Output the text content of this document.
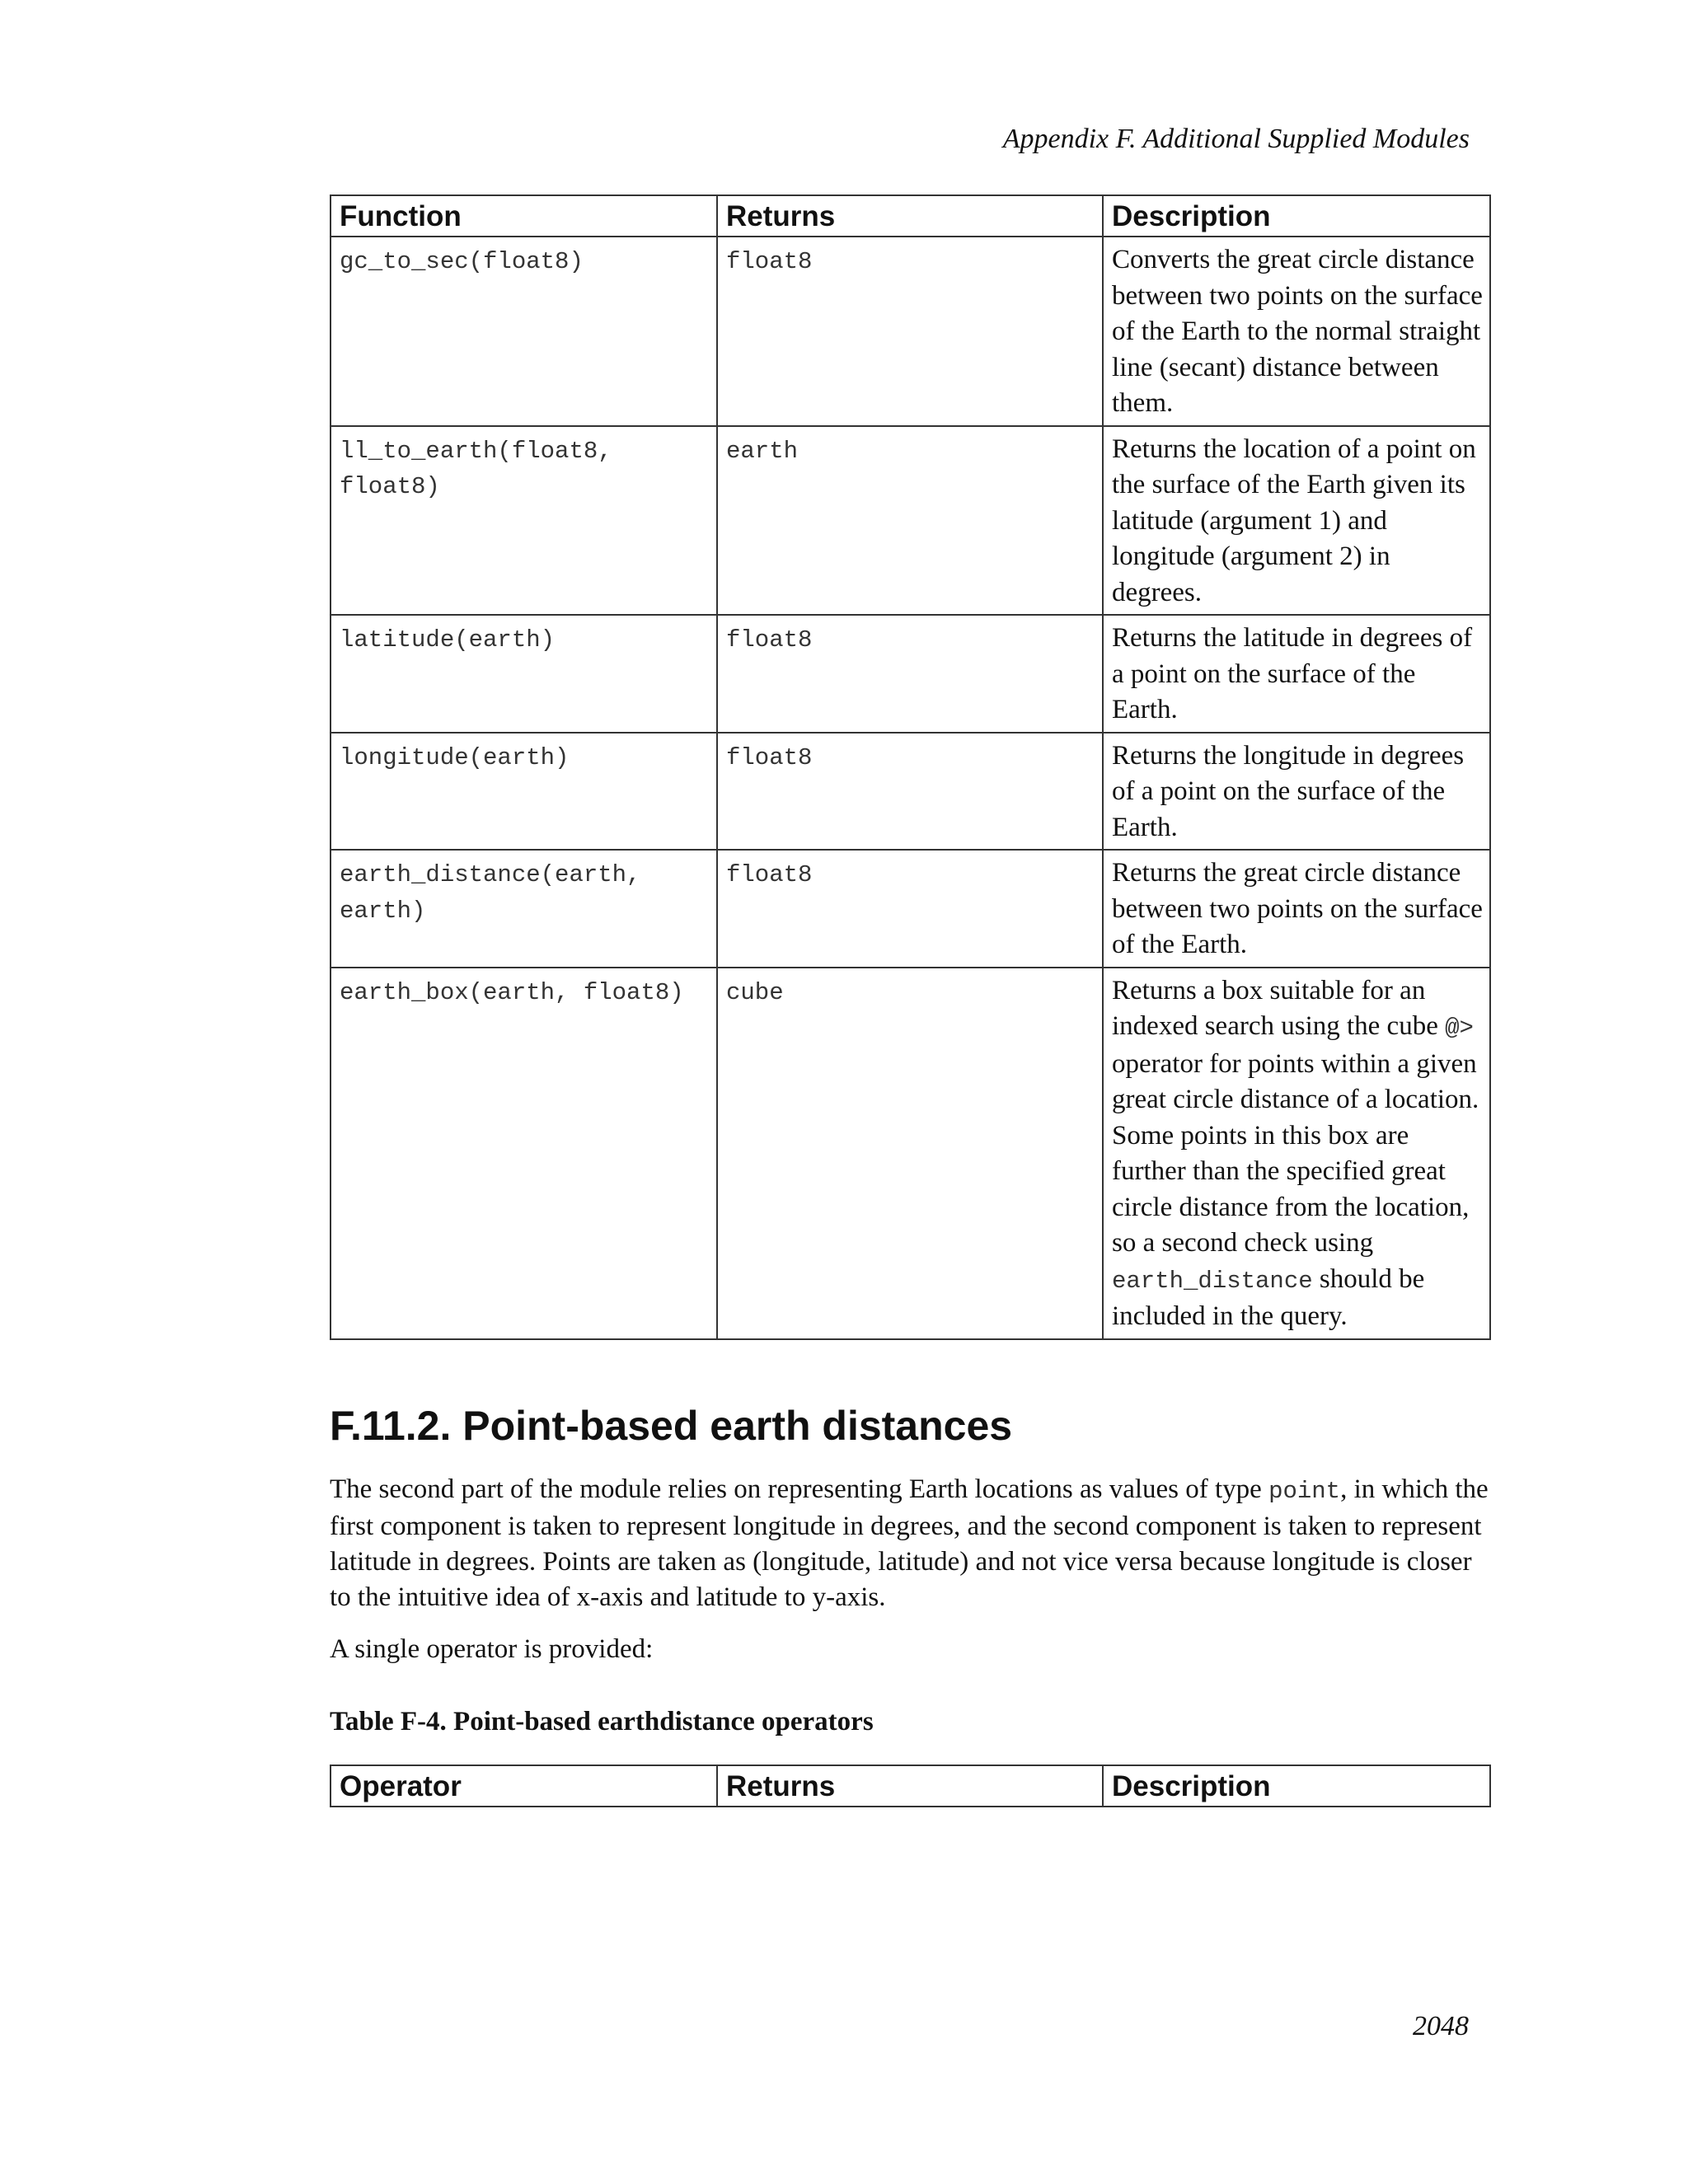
Appendix F. Additional Supplied Modules
Function	Returns	Description
gc_to_sec(float8)	float8	Converts the great circle distance between two points on the surface of the Earth to the normal straight line (secant) distance between them.
ll_to_earth(float8, float8)	earth	Returns the location of a point on the surface of the Earth given its latitude (argument 1) and longitude (argument 2) in degrees.
latitude(earth)	float8	Returns the latitude in degrees of a point on the surface of the Earth.
longitude(earth)	float8	Returns the longitude in degrees of a point on the surface of the Earth.
earth_distance(earth, earth)	float8	Returns the great circle distance between two points on the surface of the Earth.
earth_box(earth, float8)	cube	Returns a box suitable for an indexed search using the cube @> operator for points within a given great circle distance of a location. Some points in this box are further than the specified great circle distance from the location, so a second check using earth_distance should be included in the query.
F.11.2. Point-based earth distances

The second part of the module relies on representing Earth locations as values of type point, in which the first component is taken to represent longitude in degrees, and the second component is taken to represent latitude in degrees. Points are taken as (longitude, latitude) and not vice versa because longitude is closer to the intuitive idea of x-axis and latitude to y-axis.

A single operator is provided:

Table F-4. Point-based earthdistance operators

Operator	Returns	Description
2048
